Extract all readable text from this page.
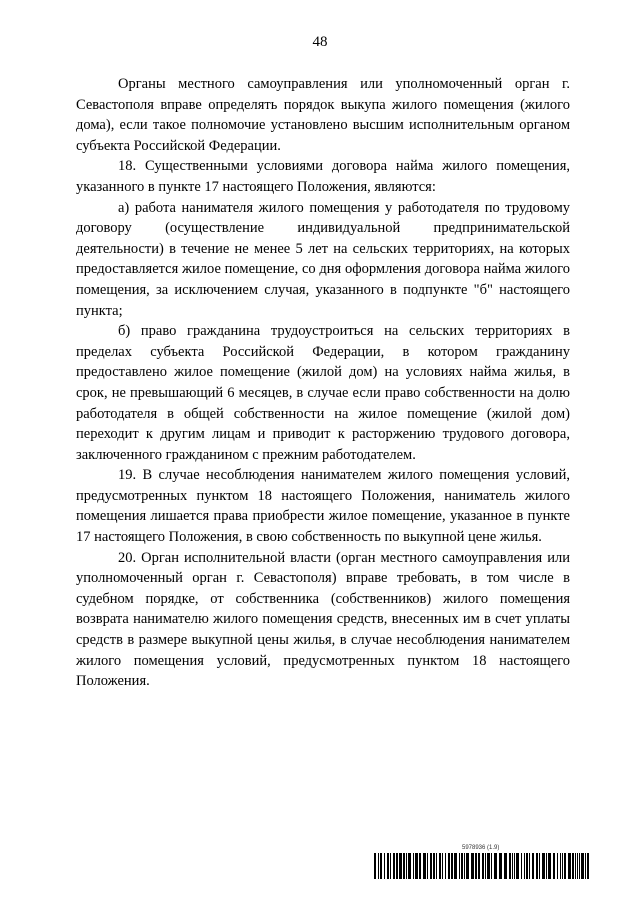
48

Органы местного самоуправления или уполномоченный орган г. Севастополя вправе определять порядок выкупа жилого помещения (жилого дома), если такое полномочие установлено высшим исполнительным органом субъекта Российской Федерации.

18. Существенными условиями договора найма жилого помещения, указанного в пункте 17 настоящего Положения, являются:

а) работа нанимателя жилого помещения у работодателя по трудовому договору (осуществление индивидуальной предпринимательской деятельности) в течение не менее 5 лет на сельских территориях, на которых предоставляется жилое помещение, со дня оформления договора найма жилого помещения, за исключением случая, указанного в подпункте "б" настоящего пункта;

б) право гражданина трудоустроиться на сельских территориях в пределах субъекта Российской Федерации, в котором гражданину предоставлено жилое помещение (жилой дом) на условиях найма жилья, в срок, не превышающий 6 месяцев, в случае если право собственности на долю работодателя в общей собственности на жилое помещение (жилой дом) переходит к другим лицам и приводит к расторжению трудового договора, заключенного гражданином с прежним работодателем.

19. В случае несоблюдения нанимателем жилого помещения условий, предусмотренных пунктом 18 настоящего Положения, наниматель жилого помещения лишается права приобрести жилое помещение, указанное в пункте 17 настоящего Положения, в свою собственность по выкупной цене жилья.

20. Орган исполнительной власти (орган местного самоуправления или уполномоченный орган г. Севастополя) вправе требовать, в том числе в судебном порядке, от собственника (собственников) жилого помещения возврата нанимателю жилого помещения средств, внесенных им в счет уплаты средств в размере выкупной цены жилья, в случае несоблюдения нанимателем жилого помещения условий, предусмотренных пунктом 18 настоящего Положения.

5978936 (1.9)
